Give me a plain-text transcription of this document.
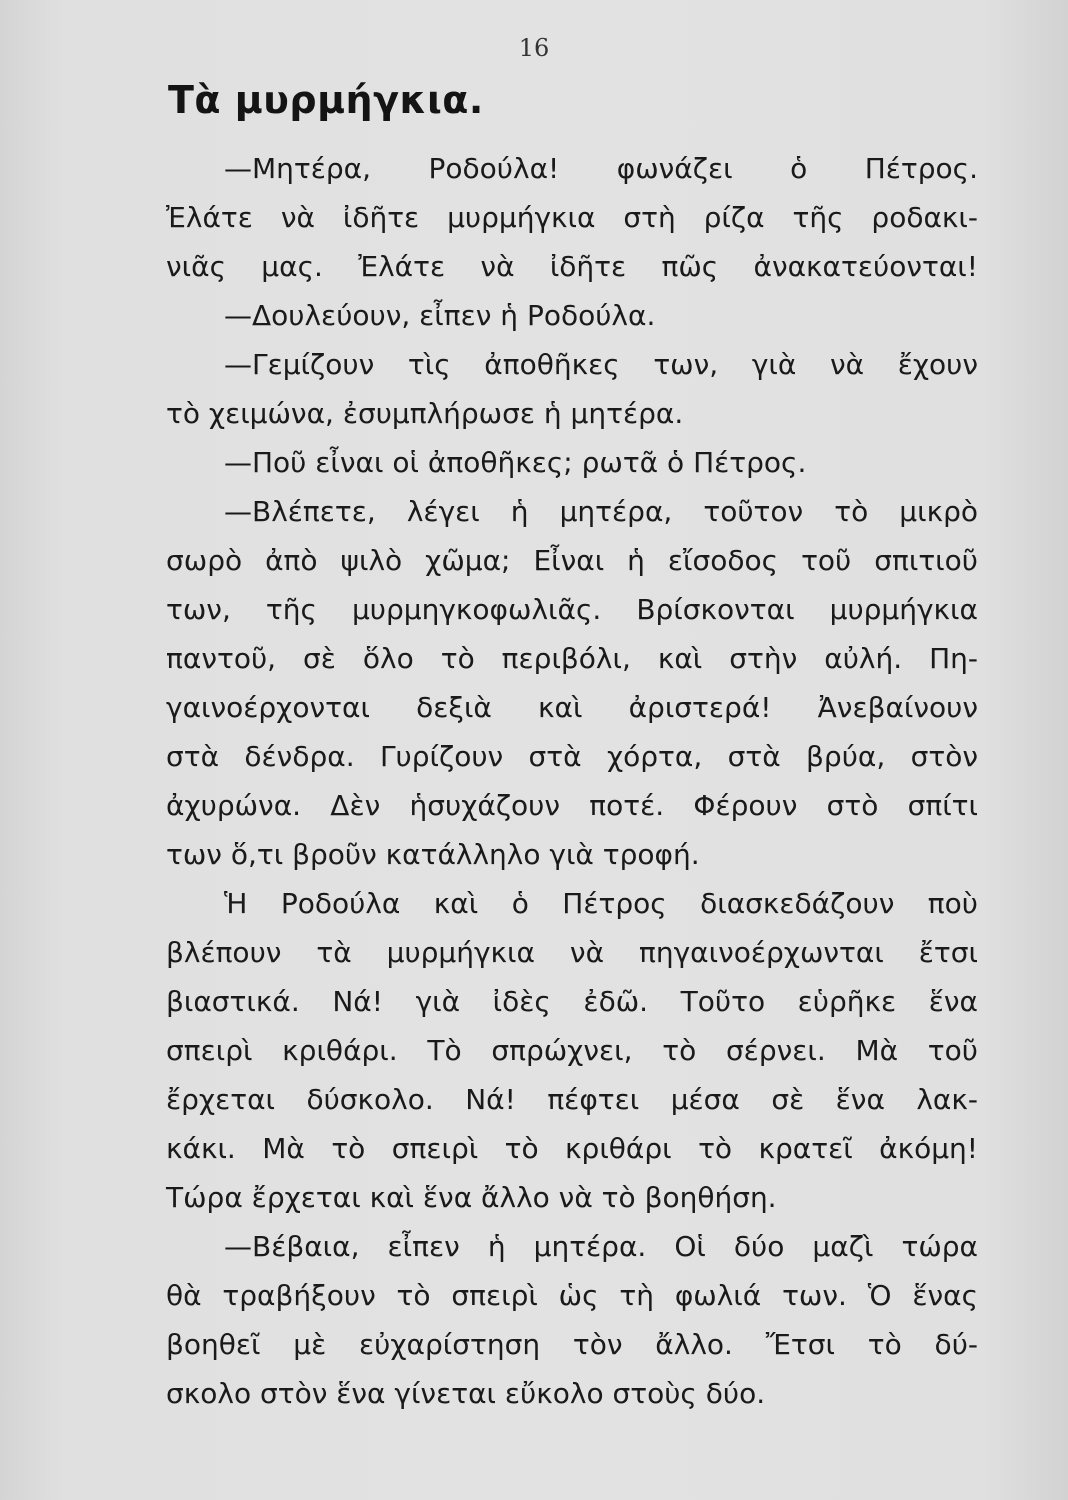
16
Τὰ μυρμήγκια.
—Μητέρα, Ροδούλα! φωνάζει ὁ Πέτρος.
Ἐλάτε νὰ ἰδῆτε μυρμήγκια στὴ ρίζα τῆς ροδακι-
νιᾶς μας. Ἐλάτε νὰ ἰδῆτε πῶς ἀνακατεύονται!
—Δουλεύουν, εἶπεν ἡ Ροδούλα.
—Γεμίζουν τὶς ἀποθῆκες των, γιὰ νὰ ἔχουν
τὸ χειμώνα, ἐσυμπλήρωσε ἡ μητέρα.
—Ποῦ εἶναι οἱ ἀποθῆκες; ρωτᾶ ὁ Πέτρος.
—Βλέπετε, λέγει ἡ μητέρα, τοῦτον τὸ μικρὸ
σωρὸ ἀπὸ ψιλὸ χῶμα; Εἶναι ἡ εἴσοδος τοῦ σπιτιοῦ
των, τῆς μυρμηγκοφωλιᾶς. Βρίσκονται μυρμήγκια
παντοῦ, σὲ ὅλο τὸ περιβόλι, καὶ στὴν αὐλή. Πη-
γαινοέρχονται δεξιὰ καὶ ἀριστερά! Ἀνεβαίνουν
στὰ δένδρα. Γυρίζουν στὰ χόρτα, στὰ βρύα, στὸν
ἀχυρώνα. Δὲν ἡσυχάζουν ποτέ. Φέρουν στὸ σπίτι
των ὅ,τι βροῦν κατάλληλο γιὰ τροφή.
Ἡ Ροδούλα καὶ ὁ Πέτρος διασκεδάζουν ποὺ
βλέπουν τὰ μυρμήγκια νὰ πηγαινοέρχωνται ἔτσι
βιαστικά. Νά! γιὰ ἰδὲς ἐδῶ. Τοῦτο εὑρῆκε ἕνα
σπειρὶ κριθάρι. Τὸ σπρώχνει, τὸ σέρνει. Μὰ τοῦ
ἔρχεται δύσκολο. Νά! πέφτει μέσα σὲ ἕνα λακ-
κάκι. Μὰ τὸ σπειρὶ τὸ κριθάρι τὸ κρατεῖ ἀκόμη!
Τώρα ἔρχεται καὶ ἕνα ἄλλο νὰ τὸ βοηθήση.
—Βέβαια, εἶπεν ἡ μητέρα. Οἱ δύο μαζὶ τώρα
θὰ τραβήξουν τὸ σπειρὶ ὡς τὴ φωλιά των. Ὁ ἕνας
βοηθεῖ μὲ εὐχαρίστηση τὸν ἄλλο. Ἔτσι τὸ δύ-
σκολο στὸν ἕνα γίνεται εὔκολο στοὺς δύο.
